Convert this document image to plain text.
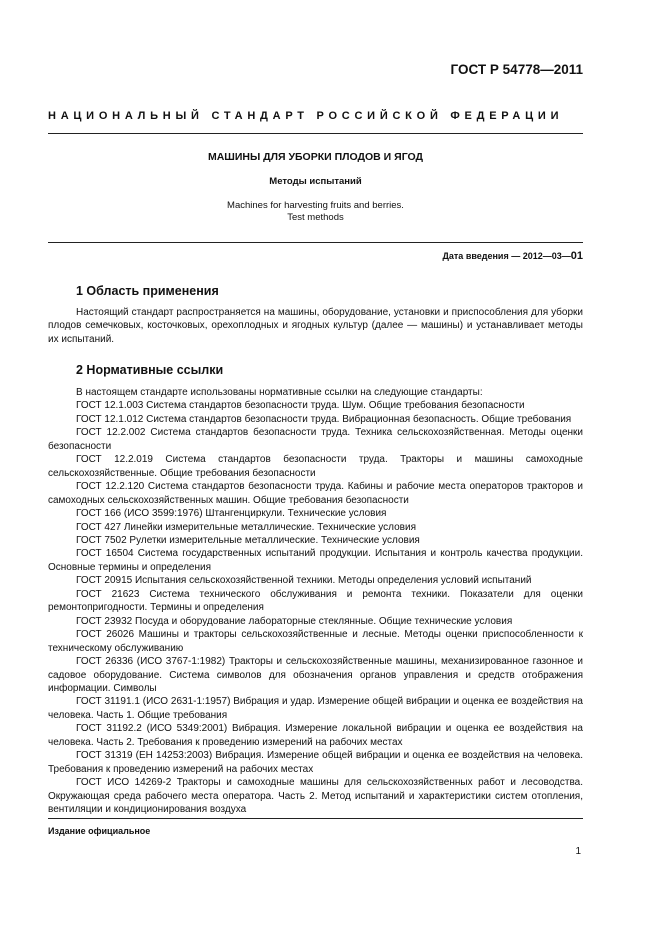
ГОСТ Р 54778—2011
НАЦИОНАЛЬНЫЙ СТАНДАРТ РОССИЙСКОЙ ФЕДЕРАЦИИ
МАШИНЫ ДЛЯ УБОРКИ ПЛОДОВ И ЯГОД
Методы испытаний
Machines for harvesting fruits and berries.
Test methods
Дата введения — 2012—03—01
1 Область применения
Настоящий стандарт распространяется на машины, оборудование, установки и приспособления для уборки плодов семечковых, косточковых, орехоплодных и ягодных культур (далее — машины) и устанавливает методы их испытаний.
2 Нормативные ссылки
В настоящем стандарте использованы нормативные ссылки на следующие стандарты:
ГОСТ 12.1.003 Система стандартов безопасности труда. Шум. Общие требования безопасности
ГОСТ 12.1.012 Система стандартов безопасности труда. Вибрационная безопасность. Общие требования
ГОСТ 12.2.002 Система стандартов безопасности труда. Техника сельскохозяйственная. Методы оценки безопасности
ГОСТ 12.2.019 Система стандартов безопасности труда. Тракторы и машины самоходные сельскохозяйственные. Общие требования безопасности
ГОСТ 12.2.120 Система стандартов безопасности труда. Кабины и рабочие места операторов тракторов и самоходных сельскохозяйственных машин. Общие требования безопасности
ГОСТ 166 (ИСО 3599:1976) Штангенциркули. Технические условия
ГОСТ 427 Линейки измерительные металлические. Технические условия
ГОСТ 7502 Рулетки измерительные металлические. Технические условия
ГОСТ 16504 Система государственных испытаний продукции. Испытания и контроль качества продукции. Основные термины и определения
ГОСТ 20915 Испытания сельскохозяйственной техники. Методы определения условий испытаний
ГОСТ 21623 Система технического обслуживания и ремонта техники. Показатели для оценки ремонтопригодности. Термины и определения
ГОСТ 23932 Посуда и оборудование лабораторные стеклянные. Общие технические условия
ГОСТ 26026 Машины и тракторы сельскохозяйственные и лесные. Методы оценки приспособленности к техническому обслуживанию
ГОСТ 26336 (ИСО 3767-1:1982) Тракторы и сельскохозяйственные машины, механизированное газонное и садовое оборудование. Система символов для обозначения органов управления и средств отображения информации. Символы
ГОСТ 31191.1 (ИСО 2631-1:1957) Вибрация и удар. Измерение общей вибрации и оценка ее воздействия на человека. Часть 1. Общие требования
ГОСТ 31192.2 (ИСО 5349:2001) Вибрация. Измерение локальной вибрации и оценка ее воздействия на человека. Часть 2. Требования к проведению измерений на рабочих местах
ГОСТ 31319 (ЕН 14253:2003) Вибрация. Измерение общей вибрации и оценка ее воздействия на человека. Требования к проведению измерений на рабочих местах
ГОСТ ИСО 14269-2 Тракторы и самоходные машины для сельскохозяйственных работ и лесоводства. Окружающая среда рабочего места оператора. Часть 2. Метод испытаний и характеристики систем отопления, вентиляции и кондиционирования воздуха
Издание официальное
1
